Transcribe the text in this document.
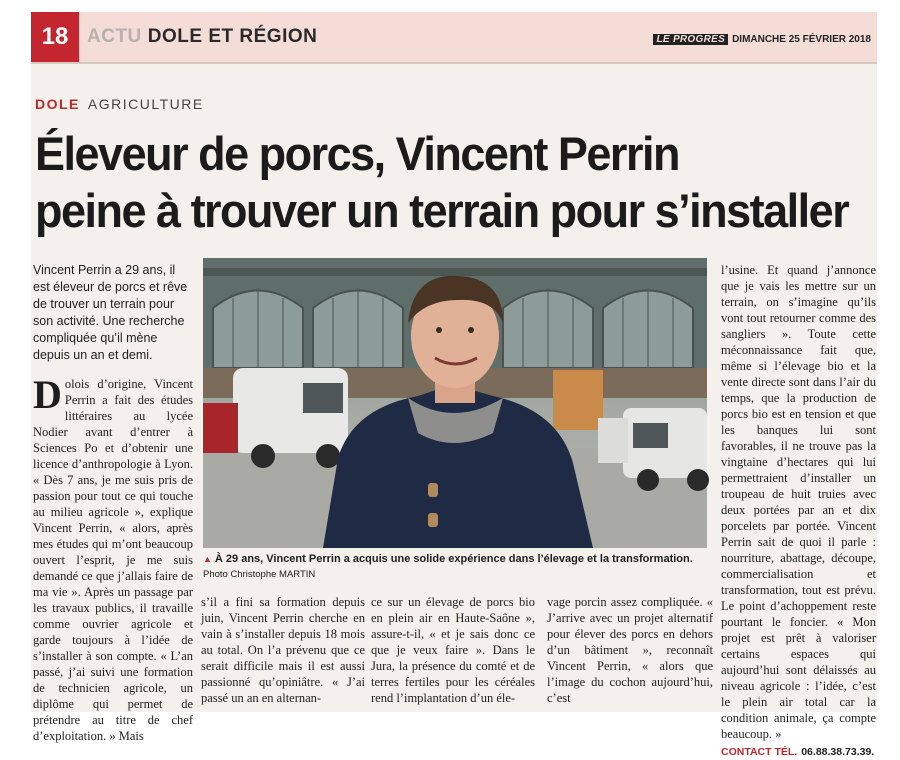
18 ACTU DOLE ET RÉGION	LE PROGRES DIMANCHE 25 FÉVRIER 2018
DOLE AGRICULTURE
Éleveur de porcs, Vincent Perrin
peine à trouver un terrain pour s’installer
Vincent Perrin a 29 ans, il est éleveur de porcs et rêve de trouver un terrain pour son activité. Une recherche compliquée qu’il mène depuis un an et demi.
Dolois d’origine, Vincent Perrin a fait des études littéraires au lycée Nodier avant d’entrer à Sciences Po et d’obtenir une licence d’anthropologie à Lyon. « Dès 7 ans, je me suis pris de passion pour tout ce qui touche au milieu agricole », explique Vincent Perrin, « alors, après mes études qui m’ont beaucoup ouvert l’esprit, je me suis demandé ce que j’allais faire de ma vie ». Après un passage par les travaux publics, il travaille comme ouvrier agricole et garde toujours à l’idée de s’installer à son compte. « L’an passé, j’ai suivi une formation de technicien agricole, un diplôme qui permet de prétendre au titre de chef d’exploitation. » Mais
▲ À 29 ans, Vincent Perrin a acquis une solide expérience dans l’élevage et la transformation. Photo Christophe MARTIN
s’il a fini sa formation depuis juin, Vincent Perrin cherche en vain à s’installer depuis 18 mois au total. On l’a prévenu que ce serait difficile mais il est aussi passionné qu’opiniâtre. « J’ai passé un an en alternan-
ce sur un élevage de porcs bio en plein air en Haute-Saône », assure-t-il, « et je sais donc ce que je veux faire ». Dans le Jura, la présence du comté et de terres fertiles pour les céréales rend l’implantation d’un éle-
vage porcin assez compliquée. « J’arrive avec un projet alternatif pour élever des porcs en dehors d’un bâtiment », reconnaît Vincent Perrin, « alors que l’image du cochon aujourd’hui, c’est
l’usine. Et quand j’annonce que je vais les mettre sur un terrain, on s’imagine qu’ils vont tout retourner comme des sangliers ». Toute cette méconnaissance fait que, même si l’élevage bio et la vente directe sont dans l’air du temps, que la production de porcs bio est en tension et que les banques lui sont favorables, il ne trouve pas la vingtaine d’hectares qui lui permettraient d’installer un troupeau de huit truies avec deux portées par an et dix porcelets par portée. Vincent Perrin sait de quoi il parle : nourriture, abattage, découpe, commercialisation et transformation, tout est prévu. Le point d’achoppement reste pourtant le foncier. « Mon projet est prêt à valoriser certains espaces qui aujourd’hui sont délaissés au niveau agricole : l’idée, c’est le plein air total car la condition animale, ça compte beaucoup. »
CONTACT TÉL. 06.88.38.73.39.
